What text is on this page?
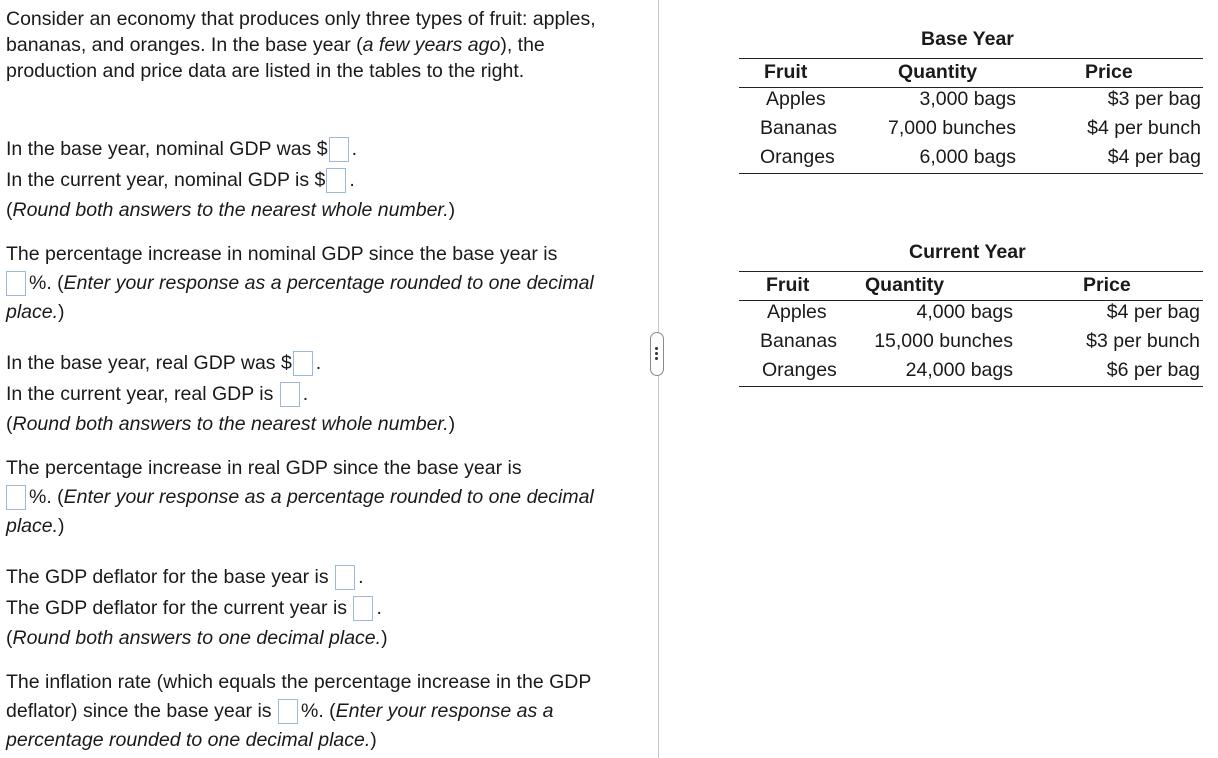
Consider an economy that produces only three types of fruit: apples, bananas, and oranges. In the base year (a few years ago), the production and price data are listed in the tables to the right.

In the base year, nominal GDP was $ .
In the current year, nominal GDP is $ .
(Round both answers to the nearest whole number.)

The percentage increase in nominal GDP since the base year is
%. (Enter your response as a percentage rounded to one decimal place.)

In the base year, real GDP was $ .
In the current year, real GDP is .
(Round both answers to the nearest whole number.)

The percentage increase in real GDP since the base year is
%. (Enter your response as a percentage rounded to one decimal place.)

The GDP deflator for the base year is .
The GDP deflator for the current year is .
(Round both answers to one decimal place.)

The inflation rate (which equals the percentage increase in the GDP deflator) since the base year is %. (Enter your response as a percentage rounded to one decimal place.)

Base Year
Fruit	Quantity	Price
Apples	3,000 bags	$3 per bag
Bananas	7,000 bunches	$4 per bunch
Oranges	6,000 bags	$4 per bag
Current Year
Fruit	Quantity	Price
Apples	4,000 bags	$4 per bag
Bananas 15,000 bunches	$3 per bunch
Oranges	24,000 bags	$6 per bag
